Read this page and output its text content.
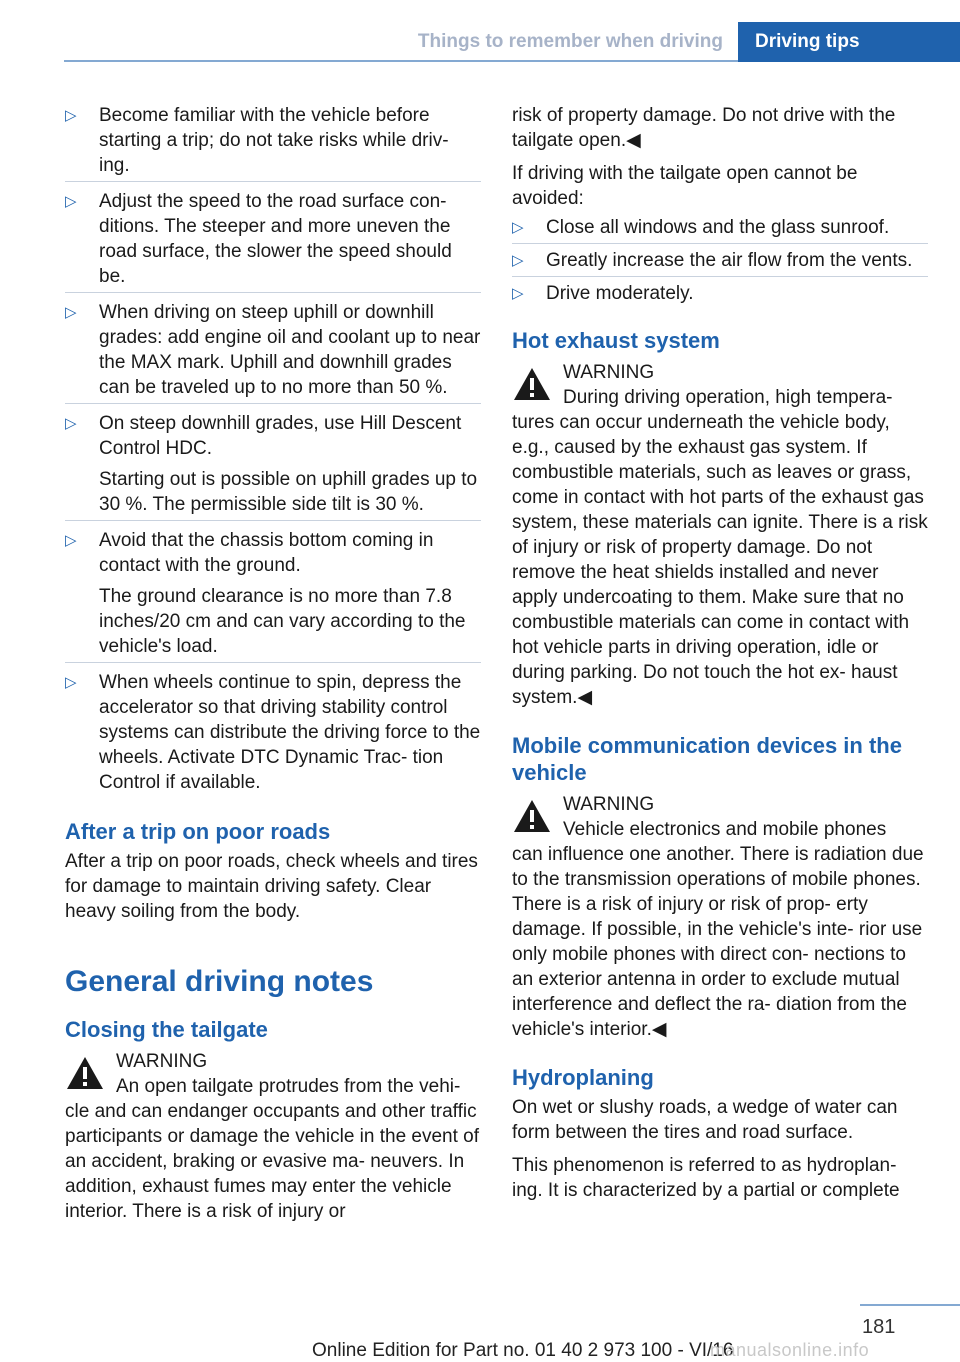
Things to remember when driving	Driving tips
▷ Become familiar with the vehicle before starting a trip; do not take risks while driv‐ ing.

▷ Adjust the speed to the road surface con‐ ditions. The steeper and more uneven the road surface, the slower the speed should be.

▷ When driving on steep uphill or downhill grades: add engine oil and coolant up to near the MAX mark. Uphill and downhill grades can be traveled up to no more than 50 %.

▷ On steep downhill grades, use Hill Descent Control HDC.

Starting out is possible on uphill grades up to 30 %. The permissible side tilt is 30 %.

▷ Avoid that the chassis bottom coming in contact with the ground.

The ground clearance is no more than 7.8 inches/20 cm and can vary according to the vehicle's load.

▷ When wheels continue to spin, depress the accelerator so that driving stability control systems can distribute the driving force to the wheels. Activate DTC Dynamic Trac‐ tion Control if available.

After a trip on poor roads

After a trip on poor roads, check wheels and tires for damage to maintain driving safety. Clear heavy soiling from the body.

General driving notes
Closing the tailgate
WARNING
An open tailgate protrudes from the vehi‐

cle and can endanger occupants and other traffic participants or damage the vehicle in the event of an accident, braking or evasive ma‐ neuvers. In addition, exhaust fumes may enter the vehicle interior. There is a risk of injury or

risk of property damage. Do not drive with the tailgate open.◀

If driving with the tailgate open cannot be avoided:

▷ Close all windows and the glass sunroof.

▷ Greatly increase the air flow from the vents.

▷ Drive moderately.

Hot exhaust system
WARNING
During driving operation, high tempera‐

tures can occur underneath the vehicle body, e.g., caused by the exhaust gas system. If combustible materials, such as leaves or grass, come in contact with hot parts of the exhaust gas system, these materials can ignite. There is a risk of injury or risk of property damage. Do not remove the heat shields installed and never apply undercoating to them. Make sure that no combustible materials can come in contact with hot vehicle parts in driving operation, idle or during parking. Do not touch the hot ex‐ haust system.◀

Mobile communication devices in the vehicle
WARNING
Vehicle electronics and mobile phones

can influence one another. There is radiation due to the transmission operations of mobile phones. There is a risk of injury or risk of prop‐ erty damage. If possible, in the vehicle's inte‐ rior use only mobile phones with direct con‐ nections to an exterior antenna in order to exclude mutual interference and deflect the ra‐ diation from the vehicle's interior.◀

Hydroplaning

On wet or slushy roads, a wedge of water can form between the tires and road surface.

This phenomenon is referred to as hydroplan‐ ing. It is characterized by a partial or complete

181
Online Edition for Part no. 01 40 2 973 100 - VI/16
manualsonline.info
